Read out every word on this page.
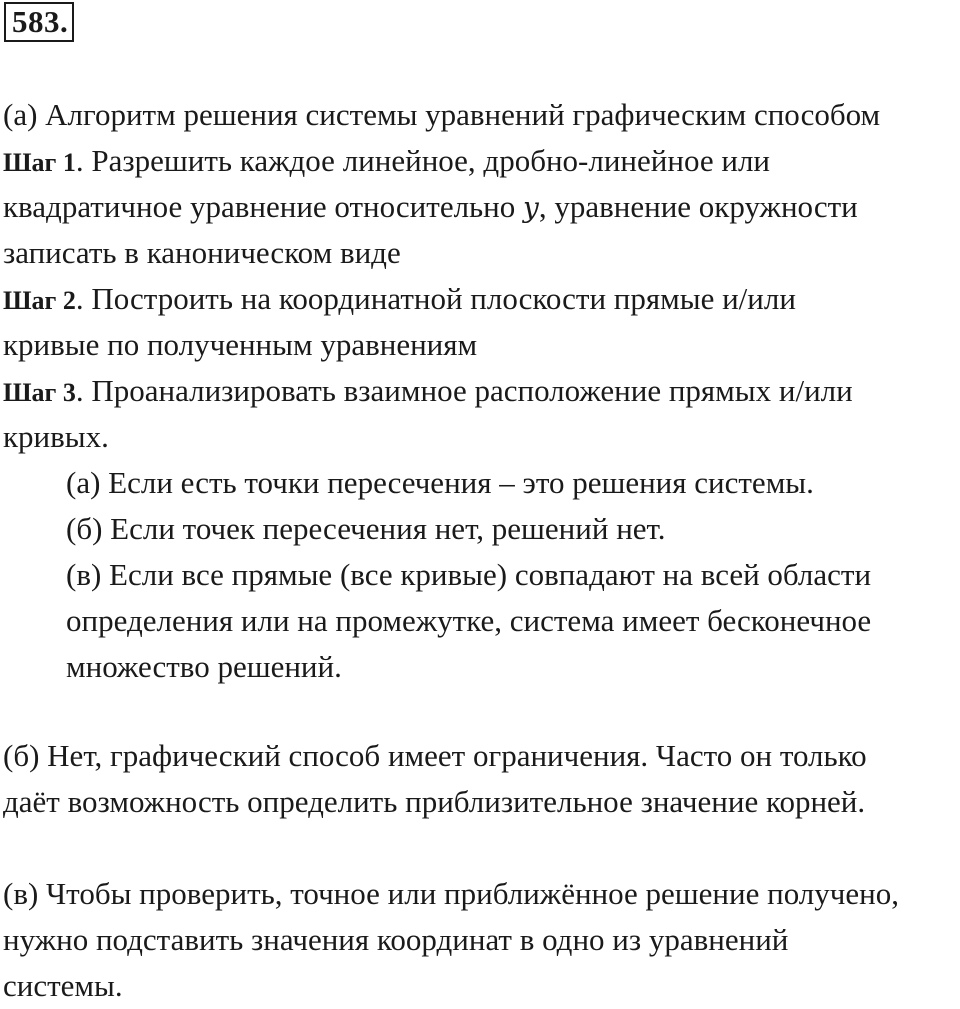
583.
(а) Алгоритм решения системы уравнений графическим способом
Шаг 1. Разрешить каждое линейное, дробно-линейное или
квадратичное уравнение относительно y, уравнение окружности
записать в каноническом виде
Шаг 2. Построить на координатной плоскости прямые и/или
кривые по полученным уравнениям
Шаг 3. Проанализировать взаимное расположение прямых и/или
кривых.
(а) Если есть точки пересечения – это решения системы.
(б) Если точек пересечения нет, решений нет.
(в) Если все прямые (все кривые) совпадают на всей области
определения или на промежутке, система имеет бесконечное
множество решений.
(б) Нет, графический способ имеет ограничения. Часто он только
даёт возможность определить приблизительное значение корней.
(в) Чтобы проверить, точное или приближённое решение получено,
нужно подставить значения координат в одно из уравнений
системы.
